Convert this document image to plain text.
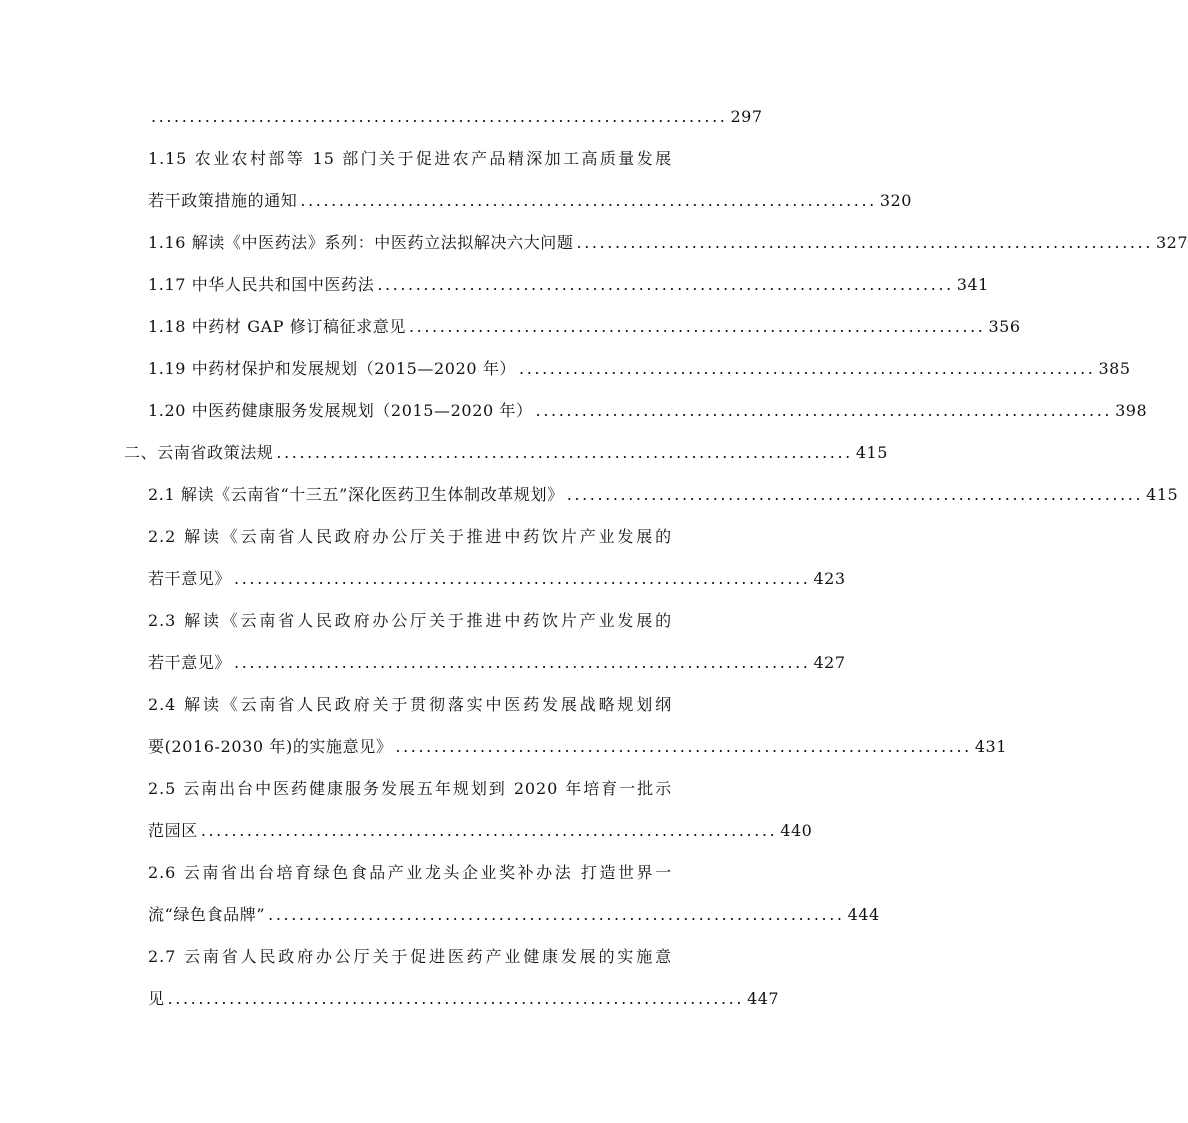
........................................................................... 297
1.15 农业农村部等 15 部门关于促进农产品精深加工高质量发展
若干政策措施的通知 ........................................................................... 320
1.16 解读《中医药法》系列：中医药立法拟解决六大问题 ........................................................................... 327
1.17 中华人民共和国中医药法 ........................................................................... 341
1.18 中药材 GAP 修订稿征求意见 ........................................................................... 356
1.19 中药材保护和发展规划（2015—2020 年） ........................................................................... 385
1.20 中医药健康服务发展规划（2015—2020 年） ........................................................................... 398
二、云南省政策法规 ........................................................................... 415
2.1 解读《云南省“十三五”深化医药卫生体制改革规划》 ........................................................................... 415
2.2 解读《云南省人民政府办公厅关于推进中药饮片产业发展的
若干意见》 ........................................................................... 423
2.3 解读《云南省人民政府办公厅关于推进中药饮片产业发展的
若干意见》 ........................................................................... 427
2.4 解读《云南省人民政府关于贯彻落实中医药发展战略规划纲
要(2016-2030 年)的实施意见》 ........................................................................... 431
2.5 云南出台中医药健康服务发展五年规划到 2020 年培育一批示
范园区 ........................................................................... 440
2.6 云南省出台培育绿色食品产业龙头企业奖补办法 打造世界一
流“绿色食品牌” ........................................................................... 444
2.7 云南省人民政府办公厅关于促进医药产业健康发展的实施意
见 ........................................................................... 447
